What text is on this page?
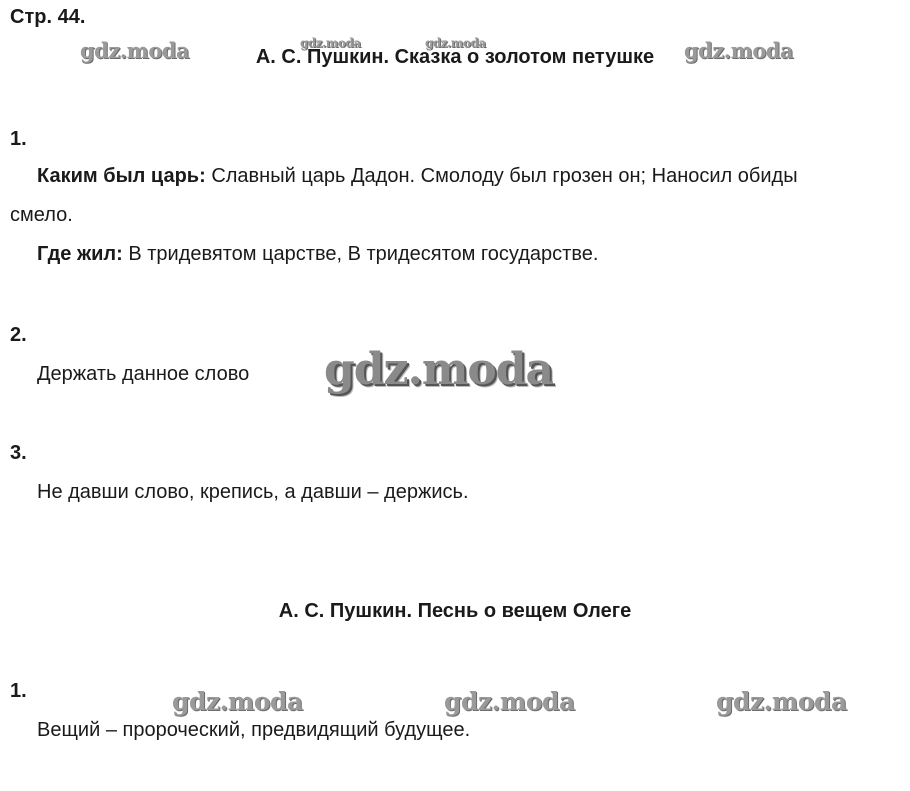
Стр. 44.
А. С. Пушкин. Сказка о золотом петушке
1.
Каким был царь: Славный царь Дадон. Смолоду был грозен он; Наносил обиды
смело.
Где жил: В тридевятом царстве, В тридесятом государстве.
2.
Держать данное слово
3.
Не давши слово, крепись, а давши – держись.
А. С. Пушкин. Песнь о вещем Олеге
1.
Вещий – пророческий, предвидящий будущее.
gdz.moda	gdz.moda	gdz.moda	gdz.moda
gdz.moda
gdz.moda	gdz.moda	gdz.moda
